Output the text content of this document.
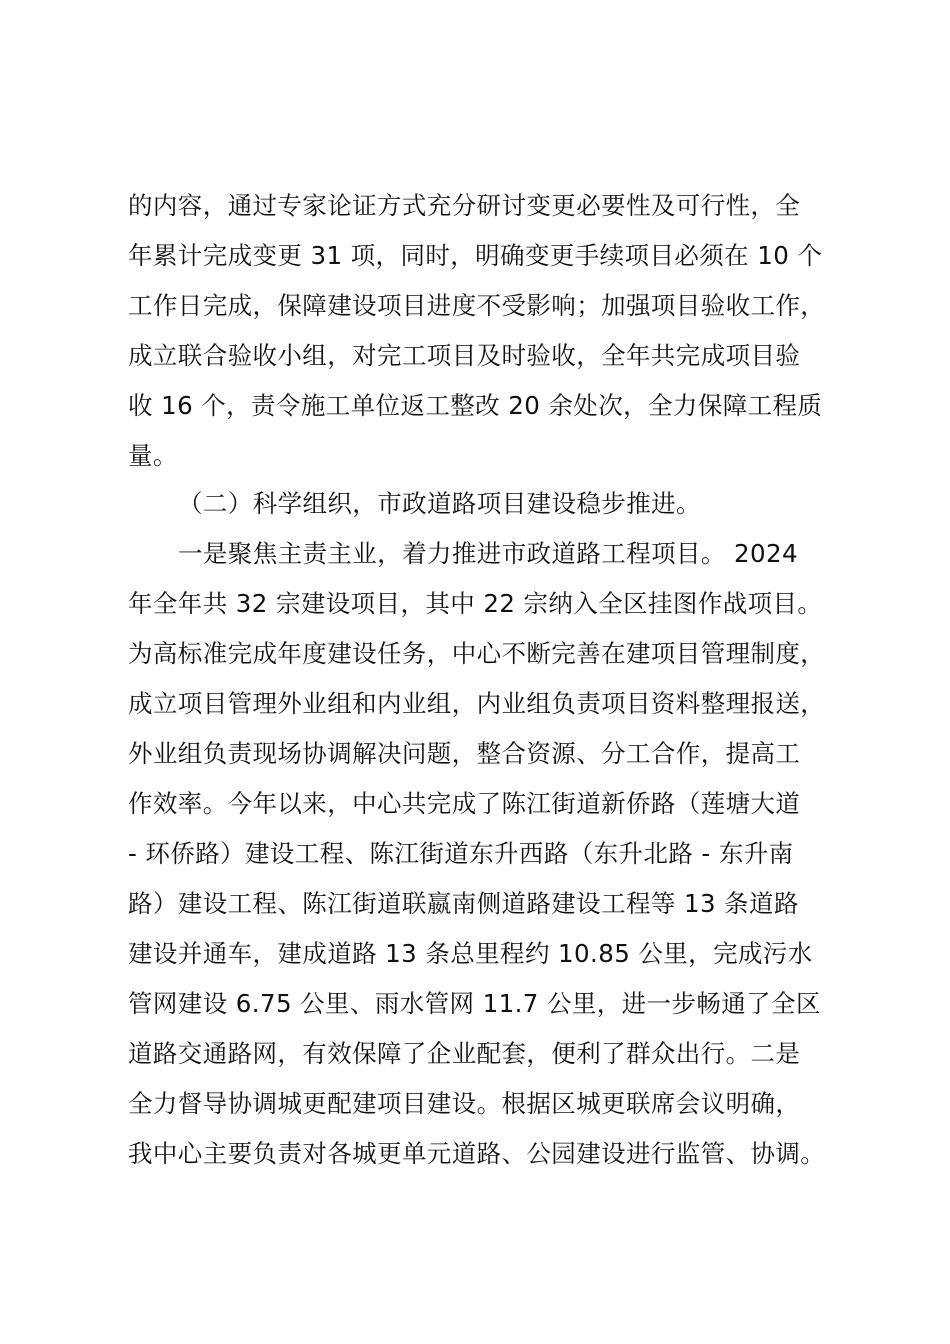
的内容，通过专家论证方式充分研讨变更必要性及可行性，全
年累计完成变更 31 项，同时，明确变更手续项目必须在 10 个
工作日完成，保障建设项目进度不受影响；加强项目验收工作，
成立联合验收小组，对完工项目及时验收，全年共完成项目验
收 16 个，责令施工单位返工整改 20 余处次，全力保障工程质
量。
（二）科学组织，市政道路项目建设稳步推进。
一是聚焦主责主业，着力推进市政道路工程项目。 2024
年全年共 32 宗建设项目，其中 22 宗纳入全区挂图作战项目。
为高标准完成年度建设任务，中心不断完善在建项目管理制度，
成立项目管理外业组和内业组，内业组负责项目资料整理报送，
外业组负责现场协调解决问题，整合资源、分工合作，提高工
作效率。今年以来，中心共完成了陈江街道新侨路（莲塘大道
- 环侨路）建设工程、陈江街道东升西路（东升北路 - 东升南
路）建设工程、陈江街道联嬴南侧道路建设工程等 13 条道路
建设并通车，建成道路 13 条总里程约 10.85 公里，完成污水
管网建设 6.75 公里、雨水管网 11.7 公里，进一步畅通了全区
道路交通路网，有效保障了企业配套，便利了群众出行。二是
全力督导协调城更配建项目建设。根据区城更联席会议明确，
我中心主要负责对各城更单元道路、公园建设进行监管、协调。
